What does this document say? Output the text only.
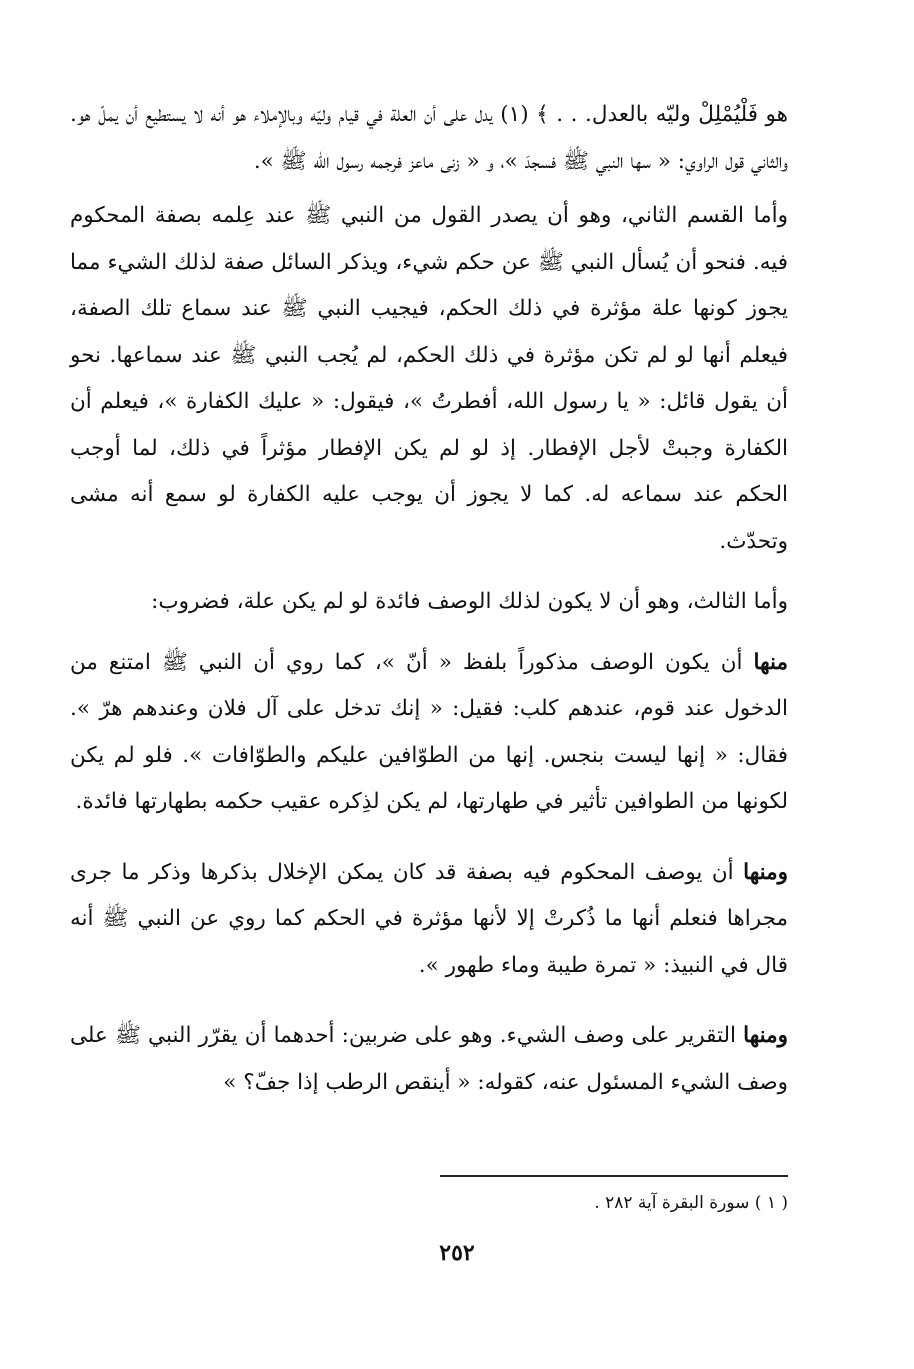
هو فَلْيُمْلِلْ وليّه بالعدل. . . ﴾ (١) يدل على أن العلة في قيام وليّه وبالإملاء هو أنه لا يستطيع أن يملّ هو. والثاني قول الراوي: « سها النبي ﷺ فسجدَ »، و « زنى ماعز فرجمه رسول الله ﷺ ».

وأما القسم الثاني، وهو أن يصدر القول من النبي ﷺ عند عِلمه بصفة المحكوم فيه. فنحو أن يُسأل النبي ﷺ عن حكم شيء، ويذكر السائل صفة لذلك الشيء مما يجوز كونها علة مؤثرة في ذلك الحكم، فيجيب النبي ﷺ عند سماع تلك الصفة، فيعلم أنها لو لم تكن مؤثرة في ذلك الحكم، لم يُجب النبي ﷺ عند سماعها. نحو أن يقول قائل: « يا رسول الله، أفطرتُ »، فيقول: « عليك الكفارة »، فيعلم أن الكفارة وجبتْ لأجل الإفطار. إذ لو لم يكن الإفطار مؤثراً في ذلك، لما أوجب الحكم عند سماعه له. كما لا يجوز أن يوجب عليه الكفارة لو سمع أنه مشى وتحدّث.

وأما الثالث، وهو أن لا يكون لذلك الوصف فائدة لو لم يكن علة، فضروب:

منها أن يكون الوصف مذكوراً بلفظ « أنّ »، كما روي أن النبي ﷺ امتنع من الدخول عند قوم، عندهم كلب: فقيل: « إنك تدخل على آل فلان وعندهم هرّ ». فقال: « إنها ليست بنجس. إنها من الطوّافين عليكم والطوّافات ». فلو لم يكن لكونها من الطوافين تأثير في طهارتها، لم يكن لذِكره عقيب حكمه بطهارتها فائدة.

ومنها أن يوصف المحكوم فيه بصفة قد كان يمكن الإخلال بذكرها وذكر ما جرى مجراها فنعلم أنها ما ذُكرتْ إلا لأنها مؤثرة في الحكم كما روي عن النبي ﷺ أنه قال في النبيذ: « تمرة طيبة وماء طهور ».

ومنها التقرير على وصف الشيء. وهو على ضربين: أحدهما أن يقرّر النبي ﷺ على وصف الشيء المسئول عنه، كقوله: « أينقص الرطب إذا جفّ؟ »

( ١ ) سورة البقرة آية ٢٨٢ .
٢٥٢
